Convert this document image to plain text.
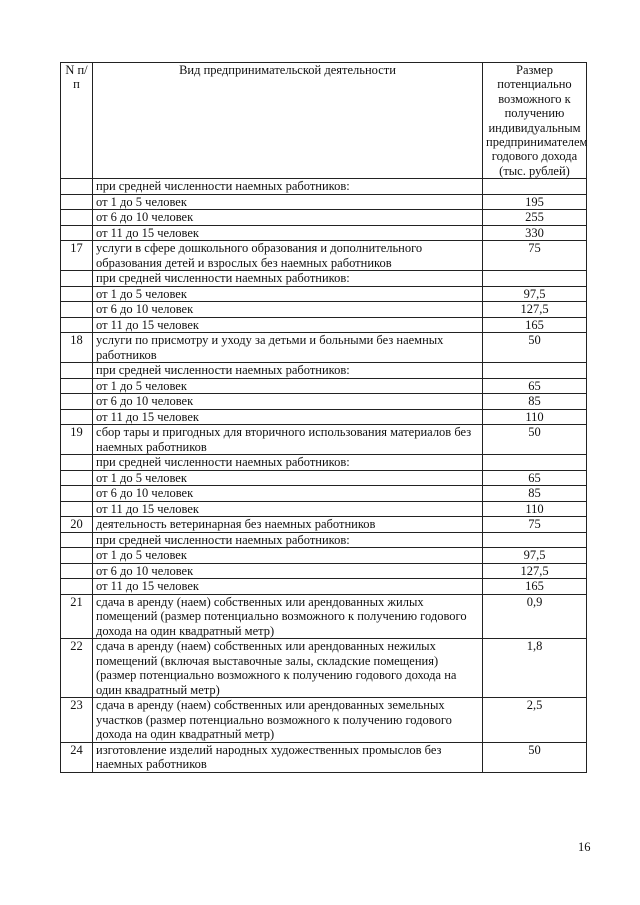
N п/п	Вид предпринимательской деятельности	Размер потенциально возможного к получению индивидуальным предпринимателем годового дохода (тыс. рублей)
	при средней численности наемных работников:	
	от 1 до 5 человек	195
	от 6 до 10 человек	255
	от 11 до 15 человек	330
17	услуги в сфере дошкольного образования и дополнительного образования детей и взрослых без наемных работников	75
	при средней численности наемных работников:	
	от 1 до 5 человек	97,5
	от 6 до 10 человек	127,5
	от 11 до 15 человек	165
18	услуги по присмотру и уходу за детьми и больными без наемных работников	50
	при средней численности наемных работников:	
	от 1 до 5 человек	65
	от 6 до 10 человек	85
	от 11 до 15 человек	110
19	сбор тары и пригодных для вторичного использования материалов без наемных работников	50
	при средней численности наемных работников:	
	от 1 до 5 человек	65
	от 6 до 10 человек	85
	от 11 до 15 человек	110
20	деятельность ветеринарная без наемных работников	75
	при средней численности наемных работников:	
	от 1 до 5 человек	97,5
	от 6 до 10 человек	127,5
	от 11 до 15 человек	165
21	сдача в аренду (наем) собственных или арендованных жилых помещений (размер потенциально возможного к получению годового дохода на один квадратный метр)	0,9
22	сдача в аренду (наем) собственных или арендованных нежилых помещений (включая выставочные залы, складские помещения) (размер потенциально возможного к получению годового дохода на один квадратный метр)	1,8
23	сдача в аренду (наем) собственных или арендованных земельных участков (размер потенциально возможного к получению годового дохода на один квадратный метр)	2,5
24	изготовление изделий народных художественных промыслов без наемных работников	50
16
